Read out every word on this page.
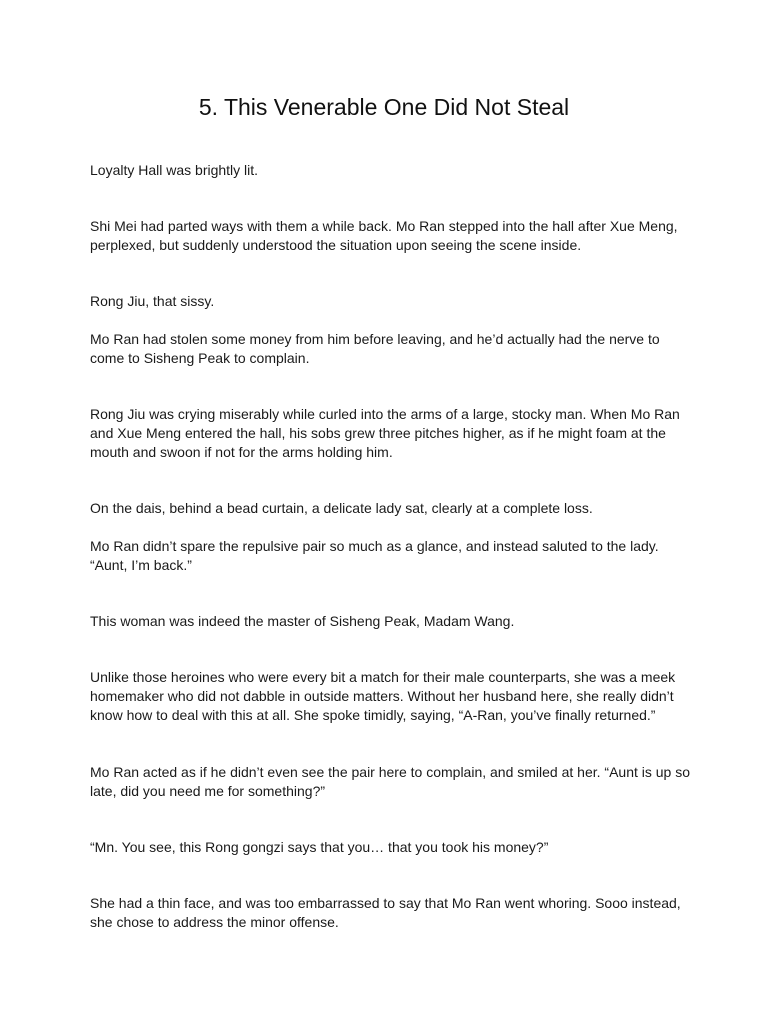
5. This Venerable One Did Not Steal

Loyalty Hall was brightly lit.

Shi Mei had parted ways with them a while back. Mo Ran stepped into the hall after Xue Meng, perplexed, but suddenly understood the situation upon seeing the scene inside.

Rong Jiu, that sissy.

Mo Ran had stolen some money from him before leaving, and he’d actually had the nerve to come to Sisheng Peak to complain.

Rong Jiu was crying miserably while curled into the arms of a large, stocky man. When Mo Ran and Xue Meng entered the hall, his sobs grew three pitches higher, as if he might foam at the mouth and swoon if not for the arms holding him.

On the dais, behind a bead curtain, a delicate lady sat, clearly at a complete loss.

Mo Ran didn’t spare the repulsive pair so much as a glance, and instead saluted to the lady. “Aunt, I’m back.”

This woman was indeed the master of Sisheng Peak, Madam Wang.

Unlike those heroines who were every bit a match for their male counterparts, she was a meek homemaker who did not dabble in outside matters. Without her husband here, she really didn’t know how to deal with this at all. She spoke timidly, saying, “A-Ran, you’ve finally returned.”

Mo Ran acted as if he didn’t even see the pair here to complain, and smiled at her. “Aunt is up so late, did you need me for something?”

“Mn. You see, this Rong gongzi says that you… that you took his money?”

She had a thin face, and was too embarrassed to say that Mo Ran went whoring. Sooo instead, she chose to address the minor offense.
